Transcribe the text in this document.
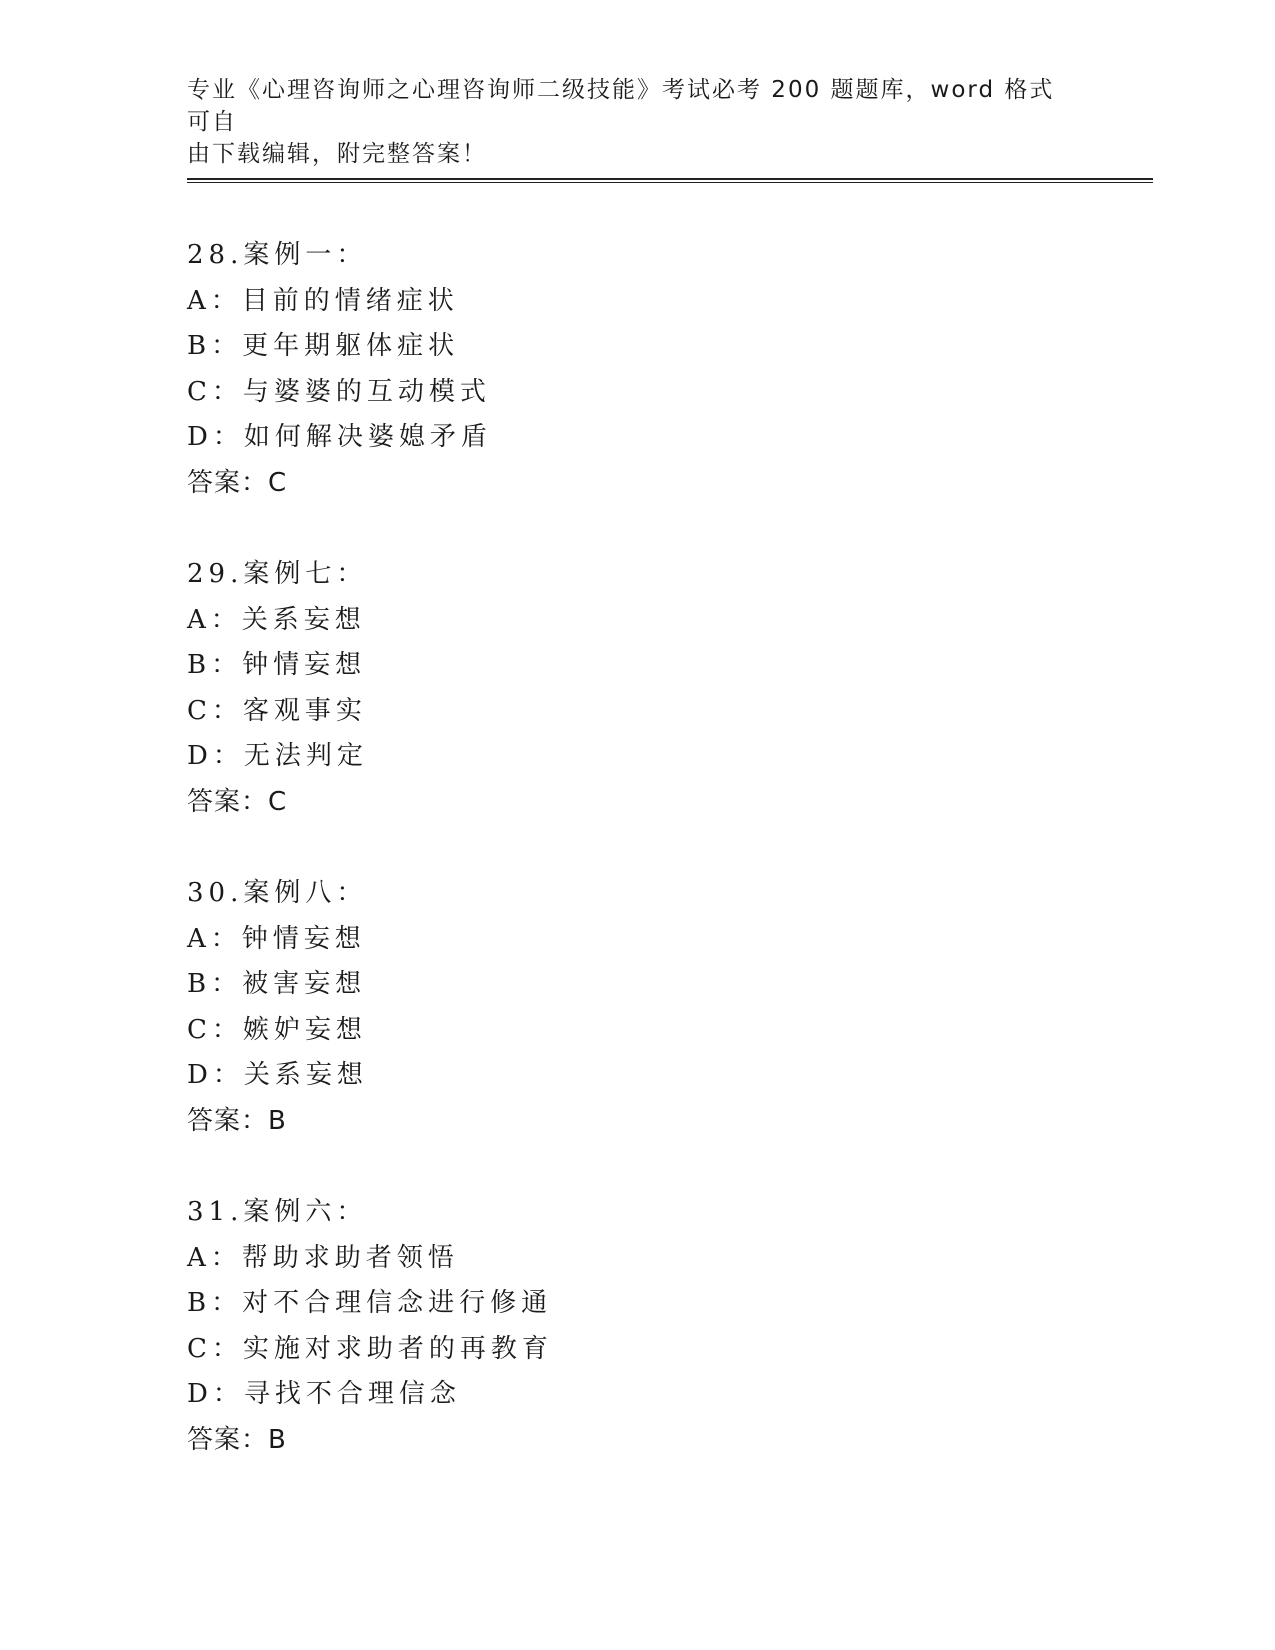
专业《心理咨询师之心理咨询师二级技能》考试必考 200 题题库，word 格式可自
由下载编辑，附完整答案！
28.案例一：
A：目前的情绪症状
B：更年期躯体症状
C：与婆婆的互动模式
D：如何解决婆媳矛盾
答案：C
29.案例七：
A：关系妄想
B：钟情妄想
C：客观事实
D：无法判定
答案：C
30.案例八：
A：钟情妄想
B：被害妄想
C：嫉妒妄想
D：关系妄想
答案：B
31.案例六：
A：帮助求助者领悟
B：对不合理信念进行修通
C：实施对求助者的再教育
D：寻找不合理信念
答案：B
